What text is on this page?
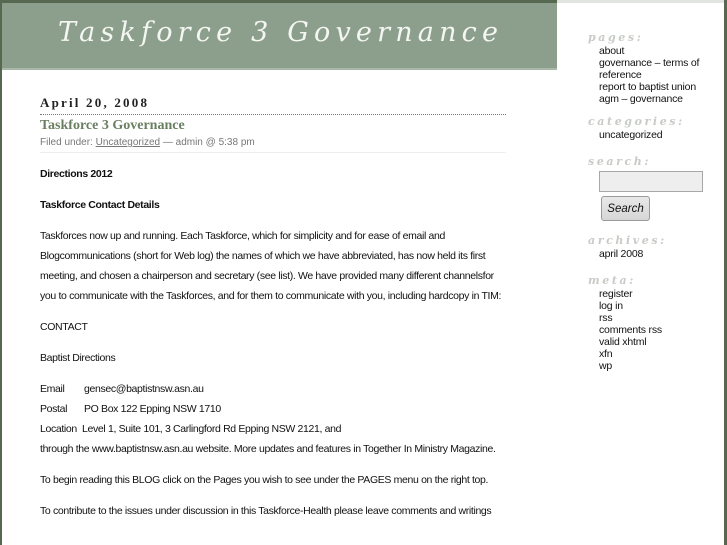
Taskforce 3 Governance
April 20, 2008
Taskforce 3 Governance
Filed under: Uncategorized — admin @ 5:38 pm

Directions 2012

Taskforce Contact Details

Taskforces now up and running. Each Taskforce, which for simplicity and for ease of email and Blogcommunications (short for Web log) the names of which we have abbreviated, has now held its first meeting, and chosen a chairperson and secretary (see list). We have provided many different channelsfor you to communicate with the Taskforces, and for them to communicate with you, including hardcopy in TIM:

CONTACT

Baptist Directions

Email gensec@baptistnsw.asn.au
Postal PO Box 122 Epping NSW 1710
Location Level 1, Suite 101, 3 Carlingford Rd Epping NSW 2121, and
through the www.baptistnsw.asn.au website. More updates and features in Together In Ministry Magazine.

To begin reading this BLOG click on the Pages you wish to see under the PAGES menu on the right top.

To contribute to the issues under discussion in this Taskforce-Health please leave comments and writings

pages:
about
governance – terms of reference
report to baptist union
agm – governance
categories:
uncategorized
search:
Search
archives:
april 2008
meta:
register
log in
rss
comments rss
valid xhtml
xfn
wp
